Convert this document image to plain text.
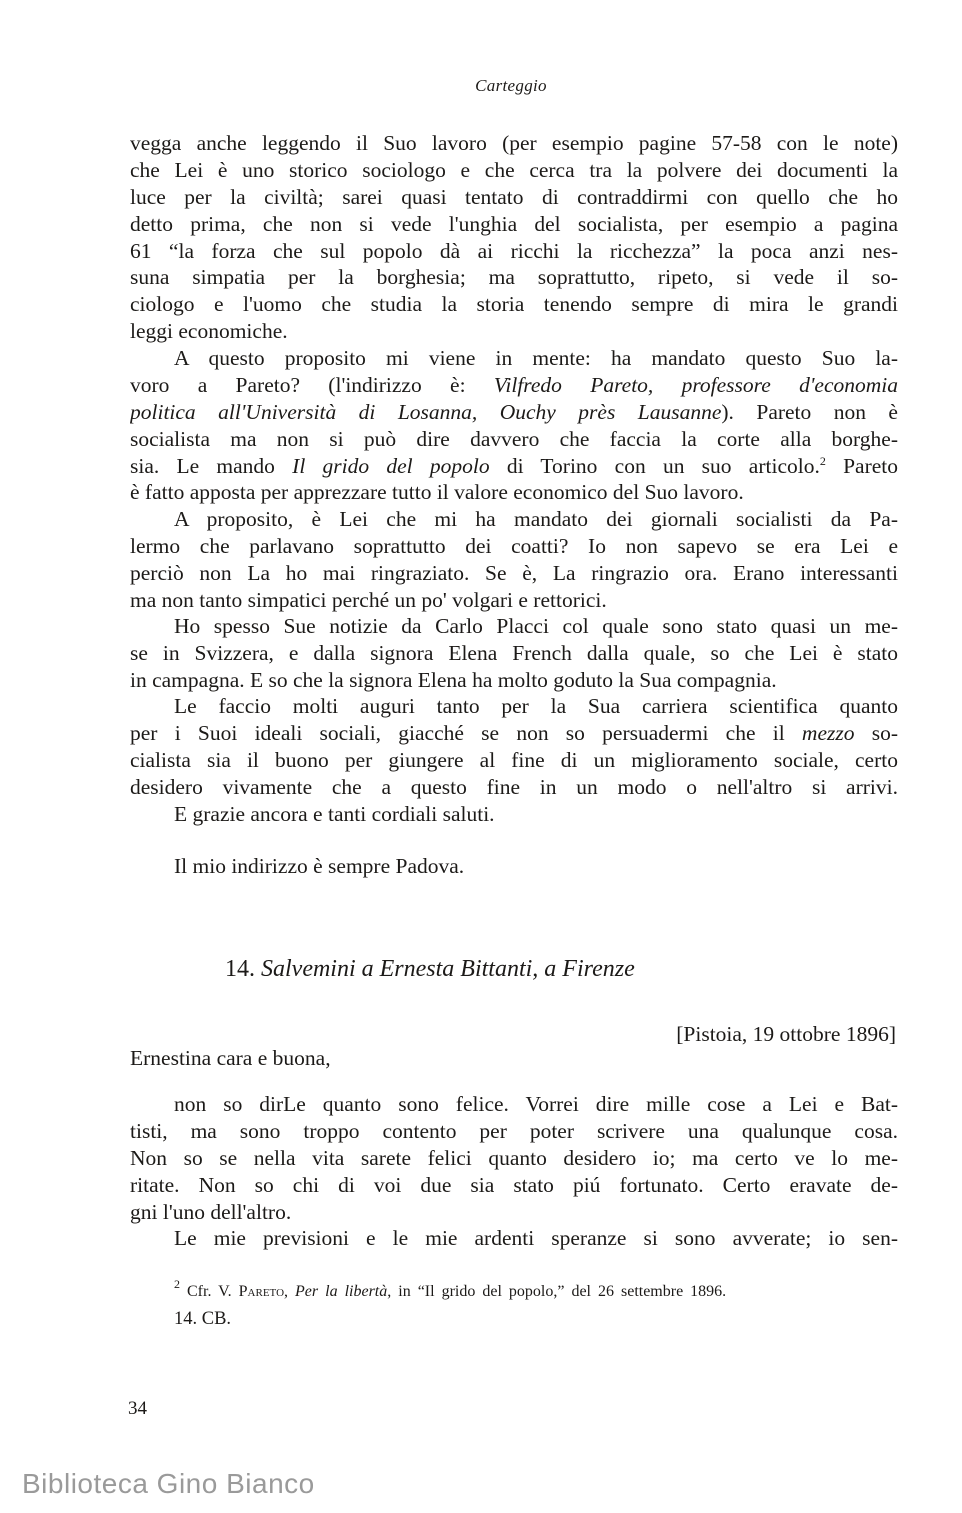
Carteggio
vegga anche leggendo il Suo lavoro (per esempio pagine 57-58 con le note)
che Lei è uno storico sociologo e che cerca tra la polvere dei documenti la
luce per la civiltà; sarei quasi tentato di contraddirmi con quello che ho
detto prima, che non si vede l'unghia del socialista, per esempio a pagina
61 “la forza che sul popolo dà ai ricchi la ricchezza” la poca anzi nes-
suna simpatia per la borghesia; ma soprattutto, ripeto, si vede il so-
ciologo e l'uomo che studia la storia tenendo sempre di mira le grandi
leggi economiche.
A questo proposito mi viene in mente: ha mandato questo Suo la-
voro a Pareto? (l'indirizzo è: Vilfredo Pareto, professore d'economia
politica all'Università di Losanna, Ouchy près Lausanne). Pareto non è
socialista ma non si può dire davvero che faccia la corte alla borghe-
sia. Le mando Il grido del popolo di Torino con un suo articolo.$^2$ Pareto
è fatto apposta per apprezzare tutto il valore economico del Suo lavoro.
A proposito, è Lei che mi ha mandato dei giornali socialisti da Pa-
lermo che parlavano soprattutto dei coatti? Io non sapevo se era Lei e
perciò non La ho mai ringraziato. Se è, La ringrazio ora. Erano interessanti
ma non tanto simpatici perché un po' volgari e rettorici.
Ho spesso Sue notizie da Carlo Placci col quale sono stato quasi un me-
se in Svizzera, e dalla signora Elena French dalla quale, so che Lei è stato
in campagna. E so che la signora Elena ha molto goduto la Sua compagnia.
Le faccio molti auguri tanto per la Sua carriera scientifica quanto
per i Suoi ideali sociali, giacché se non so persuadermi che il mezzo so-
cialista sia il buono per giungere al fine di un miglioramento sociale, certo
desidero vivamente che a questo fine in un modo o nell'altro si arrivi.
E grazie ancora e tanti cordiali saluti.
Il mio indirizzo è sempre Padova.
14. Salvemini a Ernesta Bittanti, a Firenze
[Pistoia, 19 ottobre 1896]
Ernestina cara e buona,
non so dirLe quanto sono felice. Vorrei dire mille cose a Lei e Bat-
tisti, ma sono troppo contento per poter scrivere una qualunque cosa.
Non so se nella vita sarete felici quanto desidero io; ma certo ve lo me-
ritate. Non so chi di voi due sia stato piú fortunato. Certo eravate de-
gni l'uno dell'altro.
Le mie previsioni e le mie ardenti speranze si sono avverate; io sen-
$^2$ Cfr. V. Pareto, Per la libertà, in “Il grido del popolo,” del 26 settembre 1896.
14. CB.
34
Biblioteca Gino Bianco
